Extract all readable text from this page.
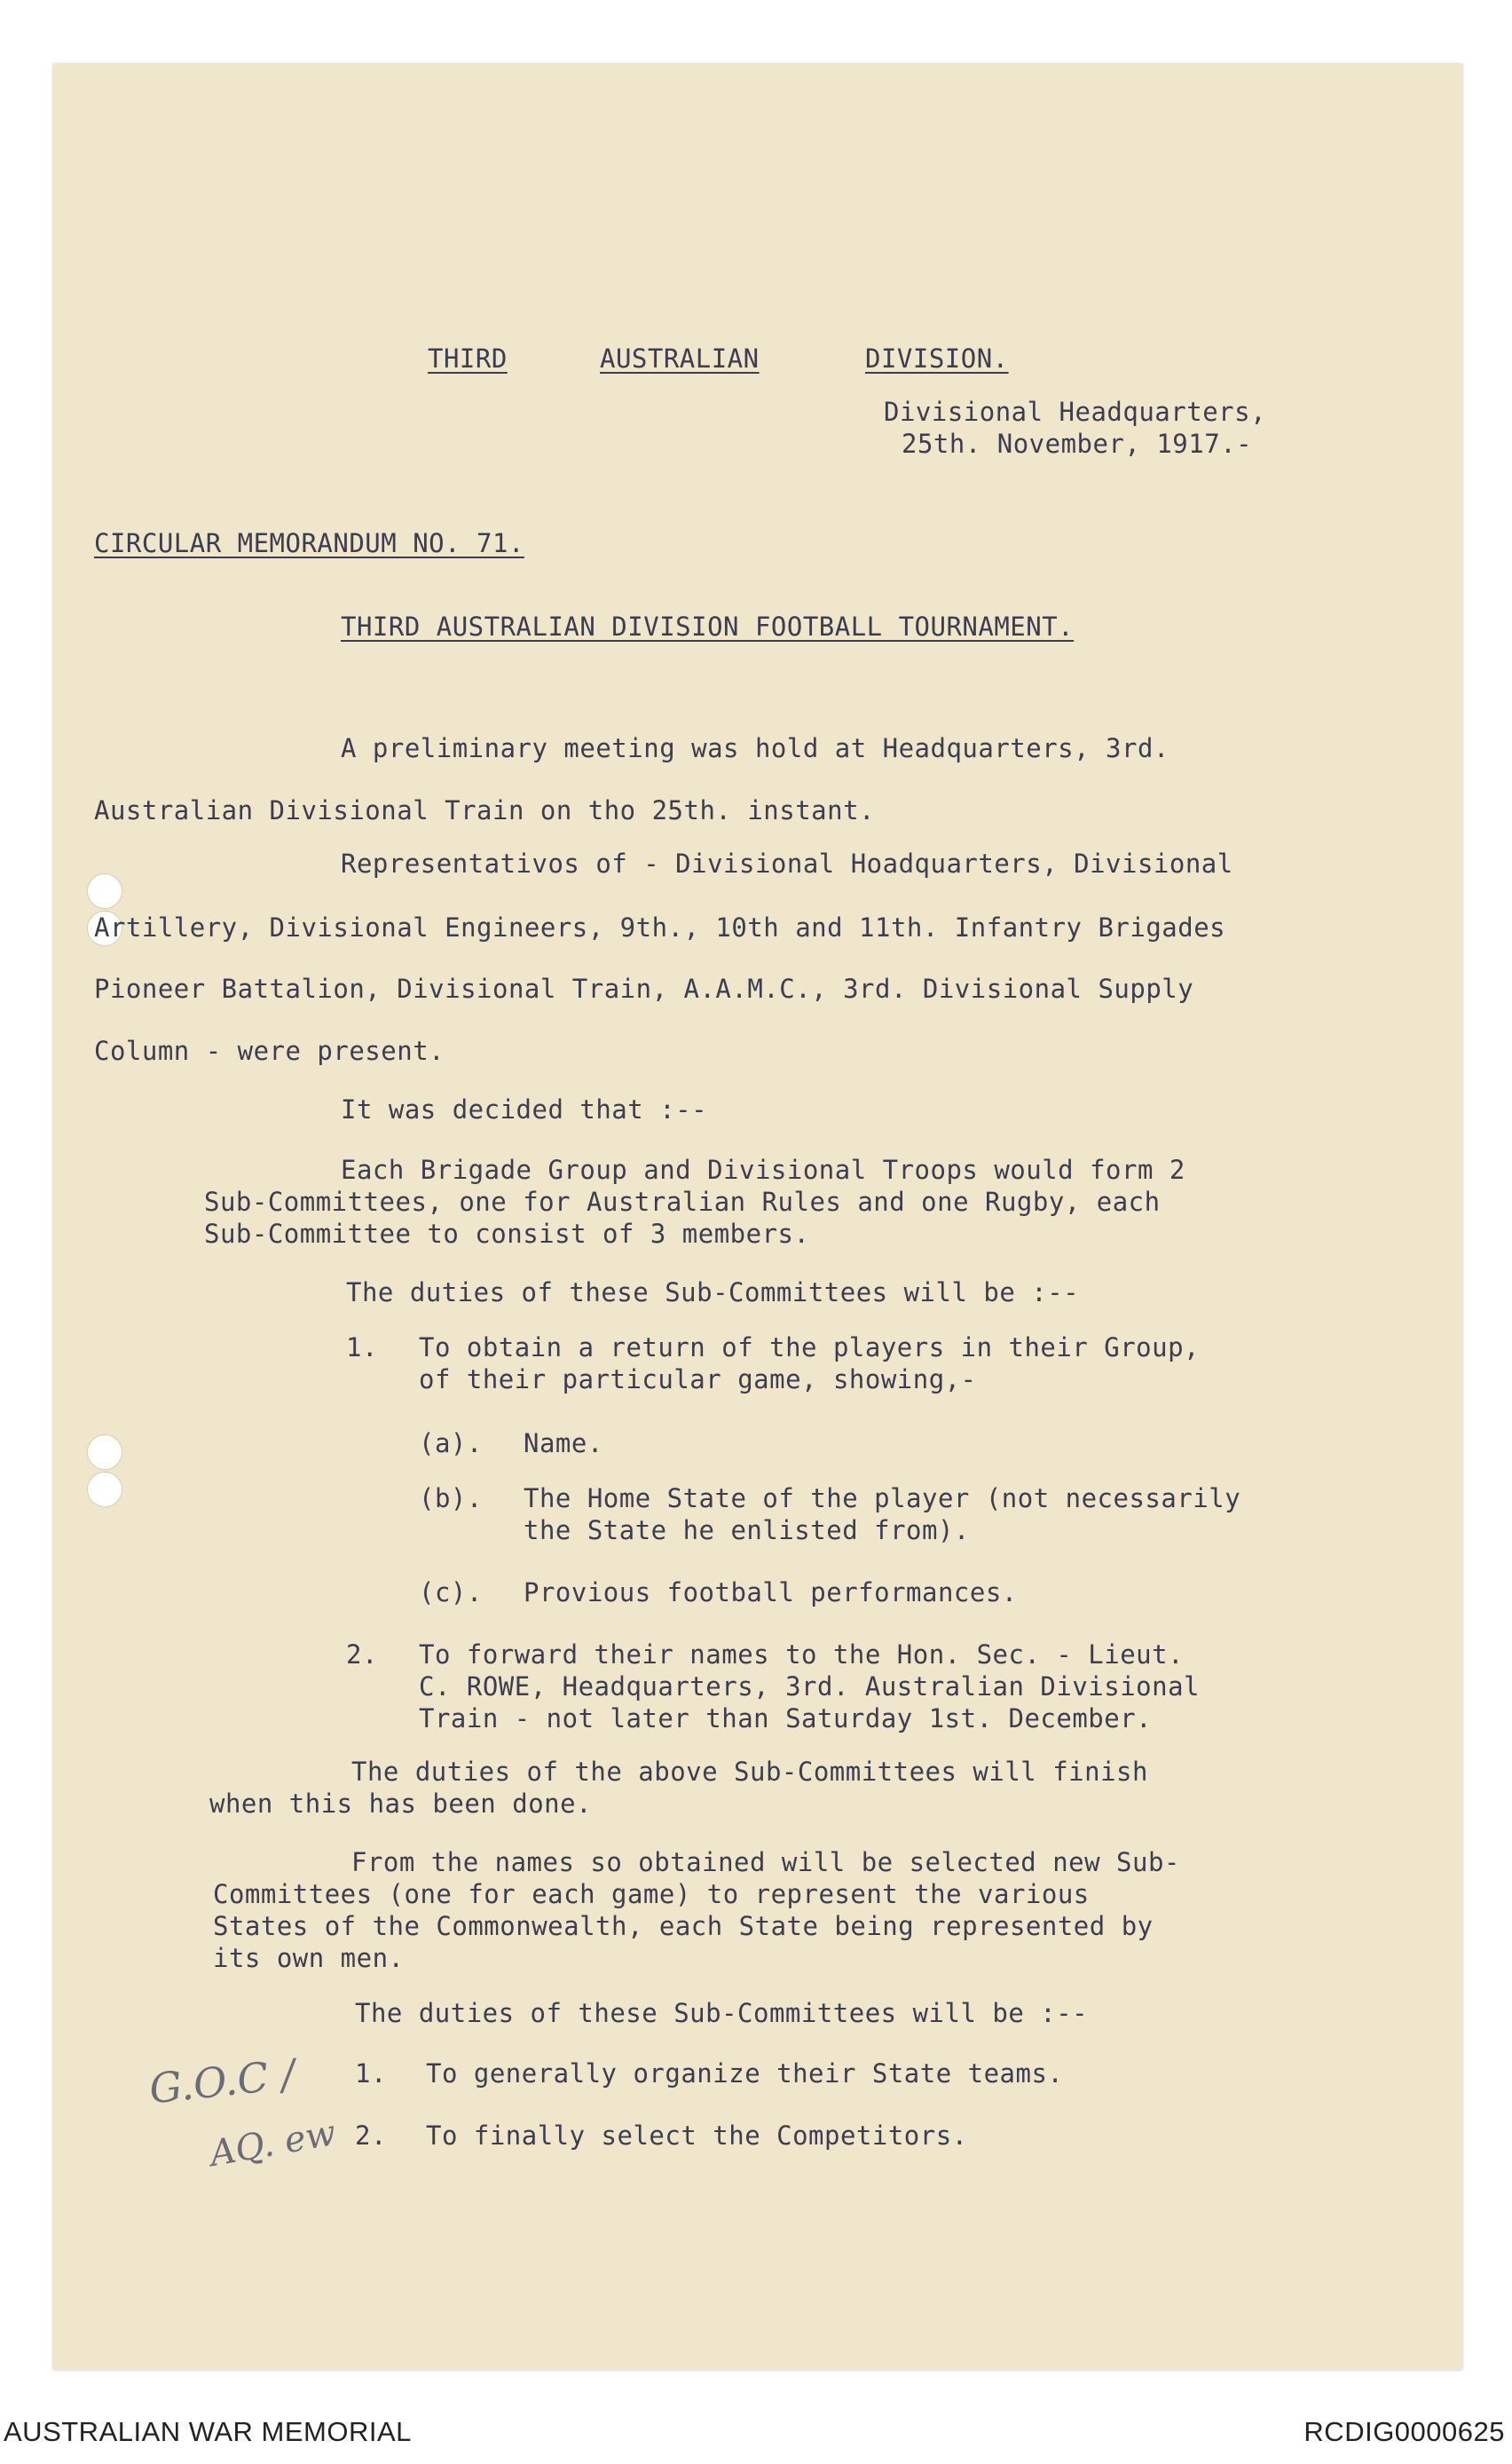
THIRD	AUSTRALIAN	DIVISION.
Divisional Headquarters,
25th. November, 1917.-
CIRCULAR MEMORANDUM NO. 71.
THIRD AUSTRALIAN DIVISION FOOTBALL TOURNAMENT.
A preliminary meeting was hold at Headquarters, 3rd.
Australian Divisional Train on tho 25th. instant.
Representativos of - Divisional Hoadquarters, Divisional
Artillery, Divisional Engineers, 9th., 10th and 11th. Infantry Brigades
Pioneer Battalion, Divisional Train, A.A.M.C., 3rd. Divisional Supply
Column - were present.
It was decided that :--
Each Brigade Group and Divisional Troops would form 2
Sub-Committees, one for Australian Rules and one Rugby, each
Sub-Committee to consist of 3 members.
The duties of these Sub-Committees will be :--
1. To obtain a return of the players in their Group,
of their particular game, showing,-
(a). Name.
(b). The Home State of the player (not necessarily
the State he enlisted from).
(c). Provious football performances.
2. To forward their names to the Hon. Sec. - Lieut.
C. ROWE, Headquarters, 3rd. Australian Divisional
Train - not later than Saturday 1st. December.
The duties of the above Sub-Committees will finish
when this has been done.
From the names so obtained will be selected new Sub-
Committees (one for each game) to represent the various
States of the Commonwealth, each State being represented by
its own men.
The duties of these Sub-Committees will be :--
1. To generally organize their State teams.
2. To finally select the Competitors.
G.O.C /
AQ. ew
AUSTRALIAN WAR MEMORIAL	RCDIG0000625
